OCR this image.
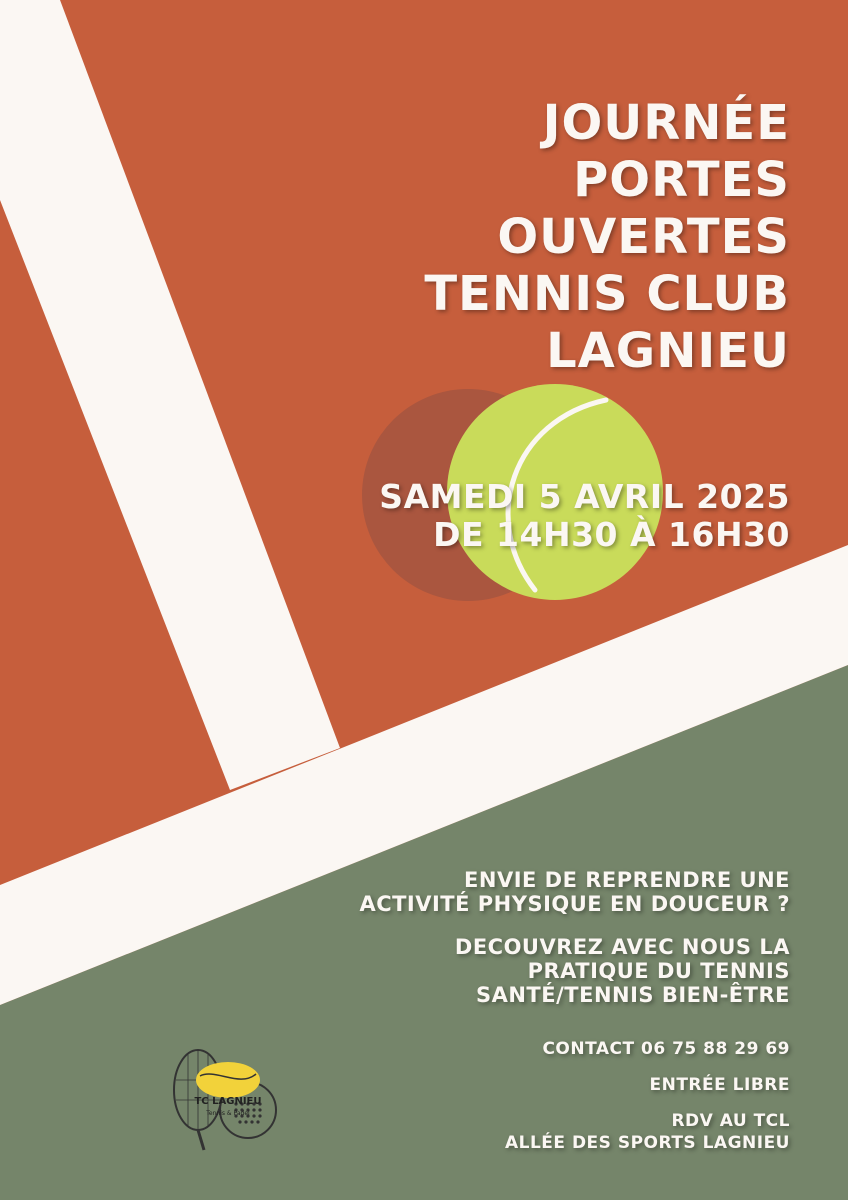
JOURNÉE
PORTES
OUVERTES
TENNIS CLUB
LAGNIEU
SAMEDI 5 AVRIL 2025
DE 14H30 À 16H30
ENVIE DE REPRENDRE UNE
ACTIVITÉ PHYSIQUE EN DOUCEUR ?
DECOUVREZ AVEC NOUS LA
PRATIQUE DU TENNIS
SANTÉ/TENNIS BIEN-ÊTRE
CONTACT 06 75 88 29 69
ENTRÉE LIBRE
RDV AU TCL
ALLÉE DES SPORTS LAGNIEU
TC LAGNIEU
Tennis & Padel
